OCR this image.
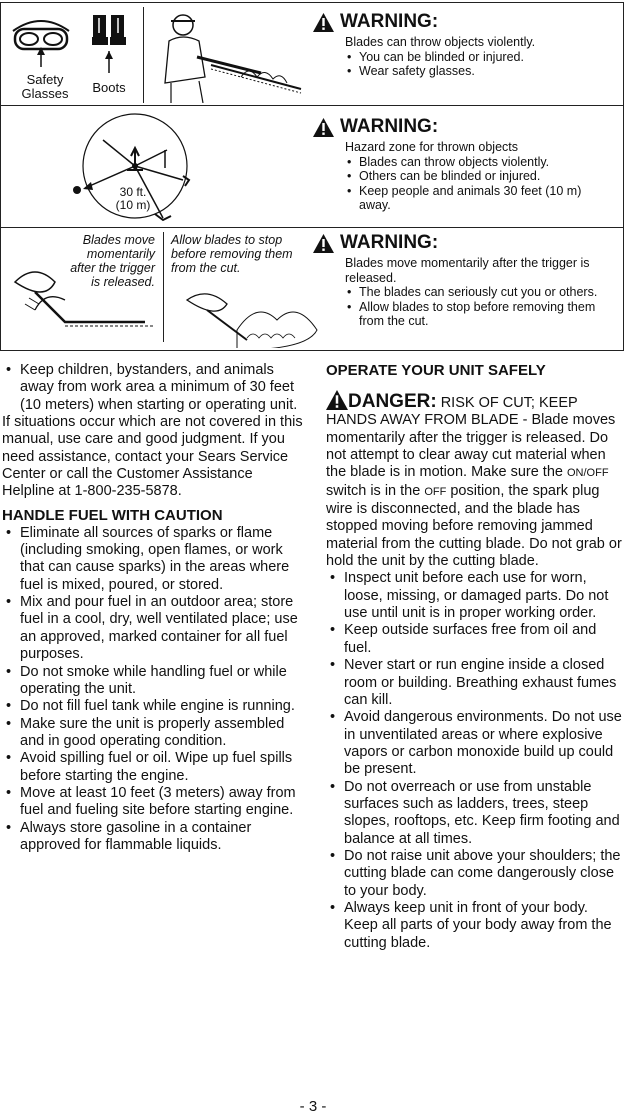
Safety Glasses	Boots
WARNING:
Blades can throw objects violently.
• You can be blinded or injured.
• Wear safety glasses.
30 ft.
(10 m)
WARNING:
Hazard zone for thrown objects
• Blades can throw objects violently.
• Others can be blinded or injured.
• Keep people and animals 30 feet (10 m) away.
Blades move momentarily after the trigger is released.
Allow blades to stop before removing them from the cut.
WARNING:
Blades move momentarily after the trigger is released.
• The blades can seriously cut you or others.
• Allow blades to stop before removing them from the cut.
• Keep children, bystanders, and animals away from work area a minimum of 30 feet (10 meters) when starting or operating unit.

If situations occur which are not covered in this manual, use care and good judgment. If you need assistance, contact your Sears Service Center or call the Customer Assistance Helpline at 1-800-235-5878.

HANDLE FUEL WITH CAUTION
• Eliminate all sources of sparks or flame (including smoking, open flames, or work that can cause sparks) in the areas where fuel is mixed, poured, or stored.
• Mix and pour fuel in an outdoor area; store fuel in a cool, dry, well ventilated place; use an approved, marked container for all fuel purposes.
• Do not smoke while handling fuel or while operating the unit.
• Do not fill fuel tank while engine is running.
• Make sure the unit is properly assembled and in good operating condition.
• Avoid spilling fuel or oil. Wipe up fuel spills before starting the engine.
• Move at least 10 feet (3 meters) away from fuel and fueling site before starting engine.
• Always store gasoline in a container approved for flammable liquids.
OPERATE YOUR UNIT SAFELY

DANGER: RISK OF CUT; KEEP HANDS AWAY FROM BLADE - Blade moves momentarily after the trigger is released. Do not attempt to clear away cut material when the blade is in motion. Make sure the ON/OFF switch is in the OFF position, the spark plug wire is disconnected, and the blade has stopped moving before removing jammed material from the cutting blade. Do not grab or hold the unit by the cutting blade.

• Inspect unit before each use for worn, loose, missing, or damaged parts. Do not use until unit is in proper working order.
• Keep outside surfaces free from oil and fuel.
• Never start or run engine inside a closed room or building. Breathing exhaust fumes can kill.
• Avoid dangerous environments. Do not use in unventilated areas or where explosive vapors or carbon monoxide build up could be present.
• Do not overreach or use from unstable surfaces such as ladders, trees, steep slopes, rooftops, etc. Keep firm footing and balance at all times.
• Do not raise unit above your shoulders; the cutting blade can come dangerously close to your body.
• Always keep unit in front of your body. Keep all parts of your body away from the cutting blade.
- 3 -
